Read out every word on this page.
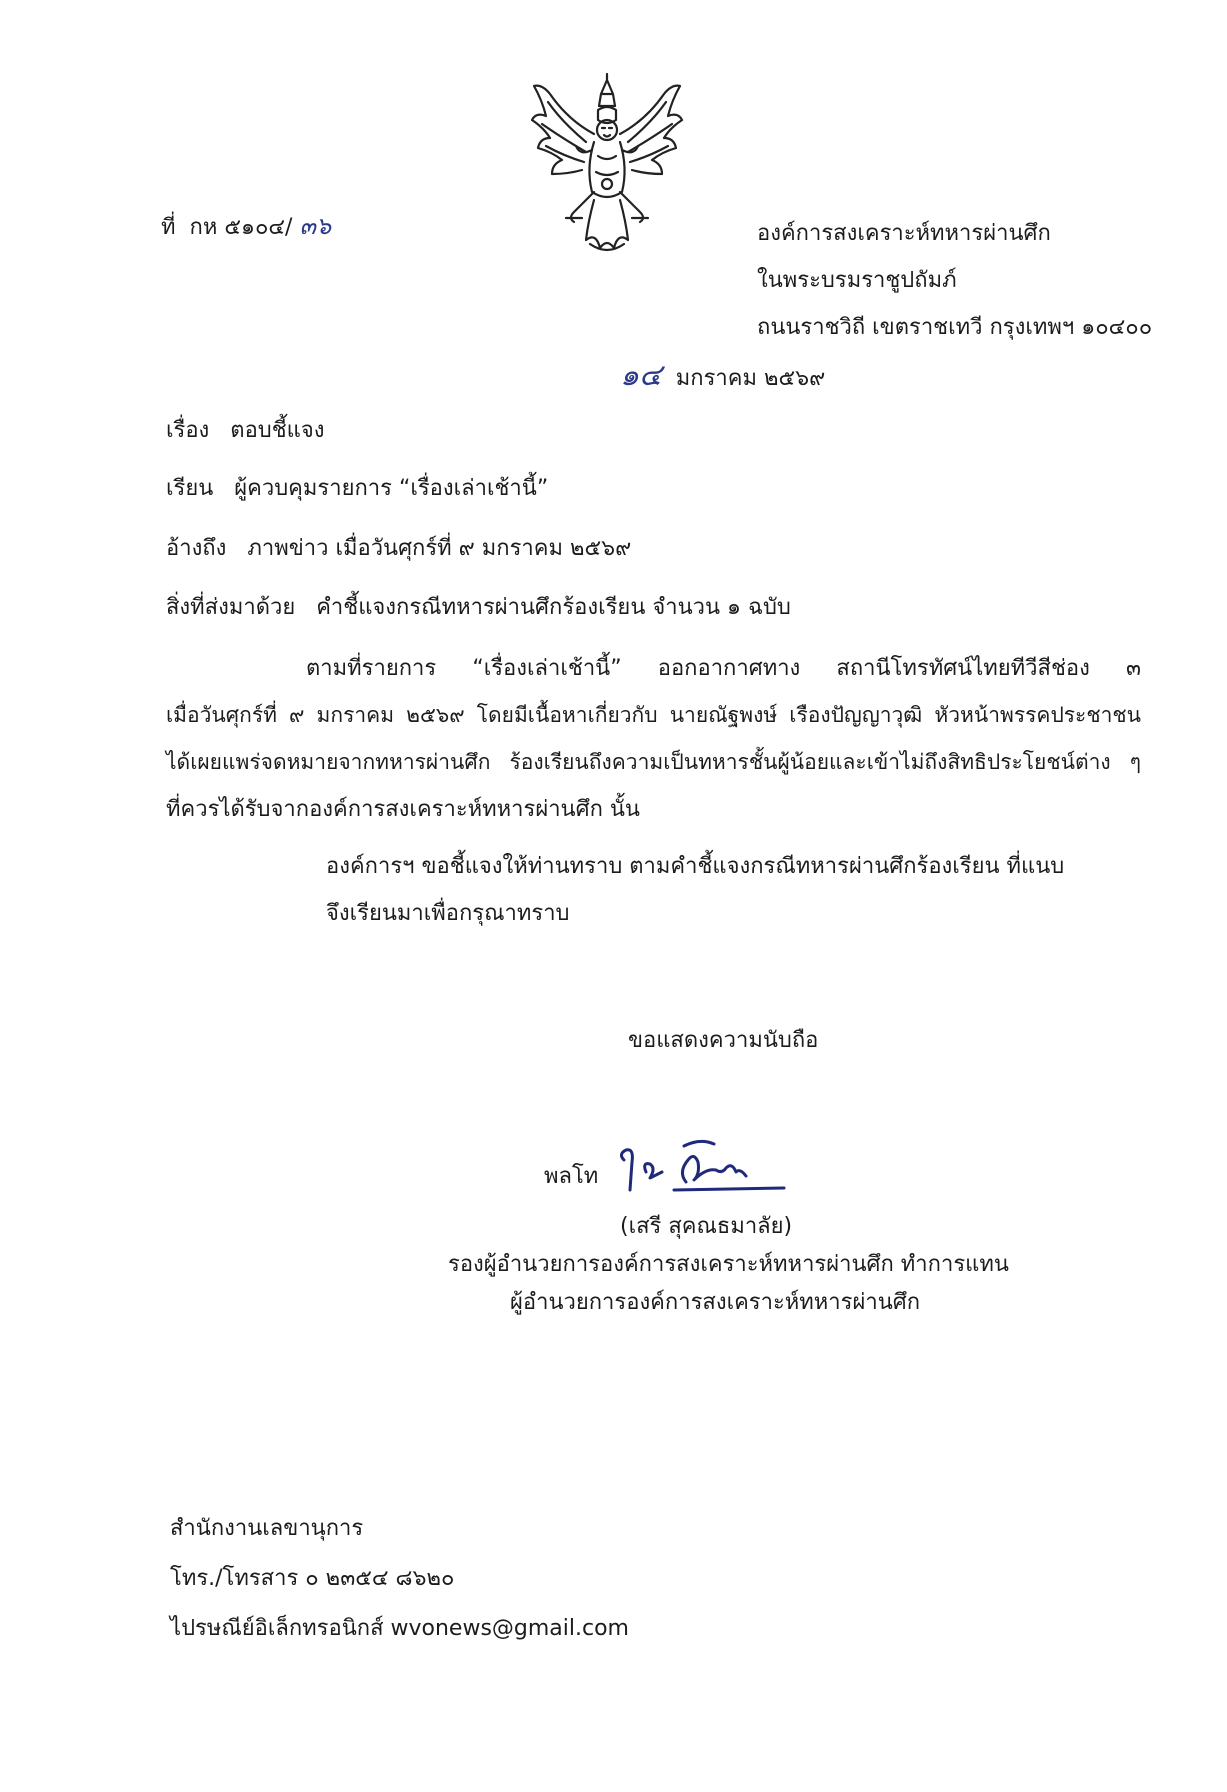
ที่ กห ๕๑๐๔/ ๓๖	องค์การสงเคราะห์ทหารผ่านศึก
ในพระบรมราชูปถัมภ์
ถนนราชวิถี เขตราชเทวี กรุงเทพฯ ๑๐๔๐๐
๑๔ มกราคม ๒๕๖๙
เรื่อง ตอบชี้แจง
เรียน ผู้ควบคุมรายการ “เรื่องเล่าเช้านี้”
อ้างถึง ภาพข่าว เมื่อวันศุกร์ที่ ๙ มกราคม ๒๕๖๙
สิ่งที่ส่งมาด้วย คำชี้แจงกรณีทหารผ่านศึกร้องเรียน จำนวน ๑ ฉบับ
ตามที่รายการ “เรื่องเล่าเช้านี้” ออกอากาศทาง สถานีโทรทัศน์ไทยทีวีสีช่อง ๓
เมื่อวันศุกร์ที่ ๙ มกราคม ๒๕๖๙ โดยมีเนื้อหาเกี่ยวกับ นายณัฐพงษ์ เรืองปัญญาวุฒิ หัวหน้าพรรคประชาชน
ได้เผยแพร่จดหมายจากทหารผ่านศึก ร้องเรียนถึงความเป็นทหารชั้นผู้น้อยและเข้าไม่ถึงสิทธิประโยชน์ต่าง ๆ
ที่ควรได้รับจากองค์การสงเคราะห์ทหารผ่านศึก นั้น
องค์การฯ ขอชี้แจงให้ท่านทราบ ตามคำชี้แจงกรณีทหารผ่านศึกร้องเรียน ที่แนบ
จึงเรียนมาเพื่อกรุณาทราบ
ขอแสดงความนับถือ
พลโท
(เสรี สุคณธมาลัย)
รองผู้อำนวยการองค์การสงเคราะห์ทหารผ่านศึก ทำการแทน
ผู้อำนวยการองค์การสงเคราะห์ทหารผ่านศึก
สำนักงานเลขานุการ
โทร./โทรสาร ๐ ๒๓๕๔ ๘๖๒๐
ไปรษณีย์อิเล็กทรอนิกส์ wvonews@gmail.com
